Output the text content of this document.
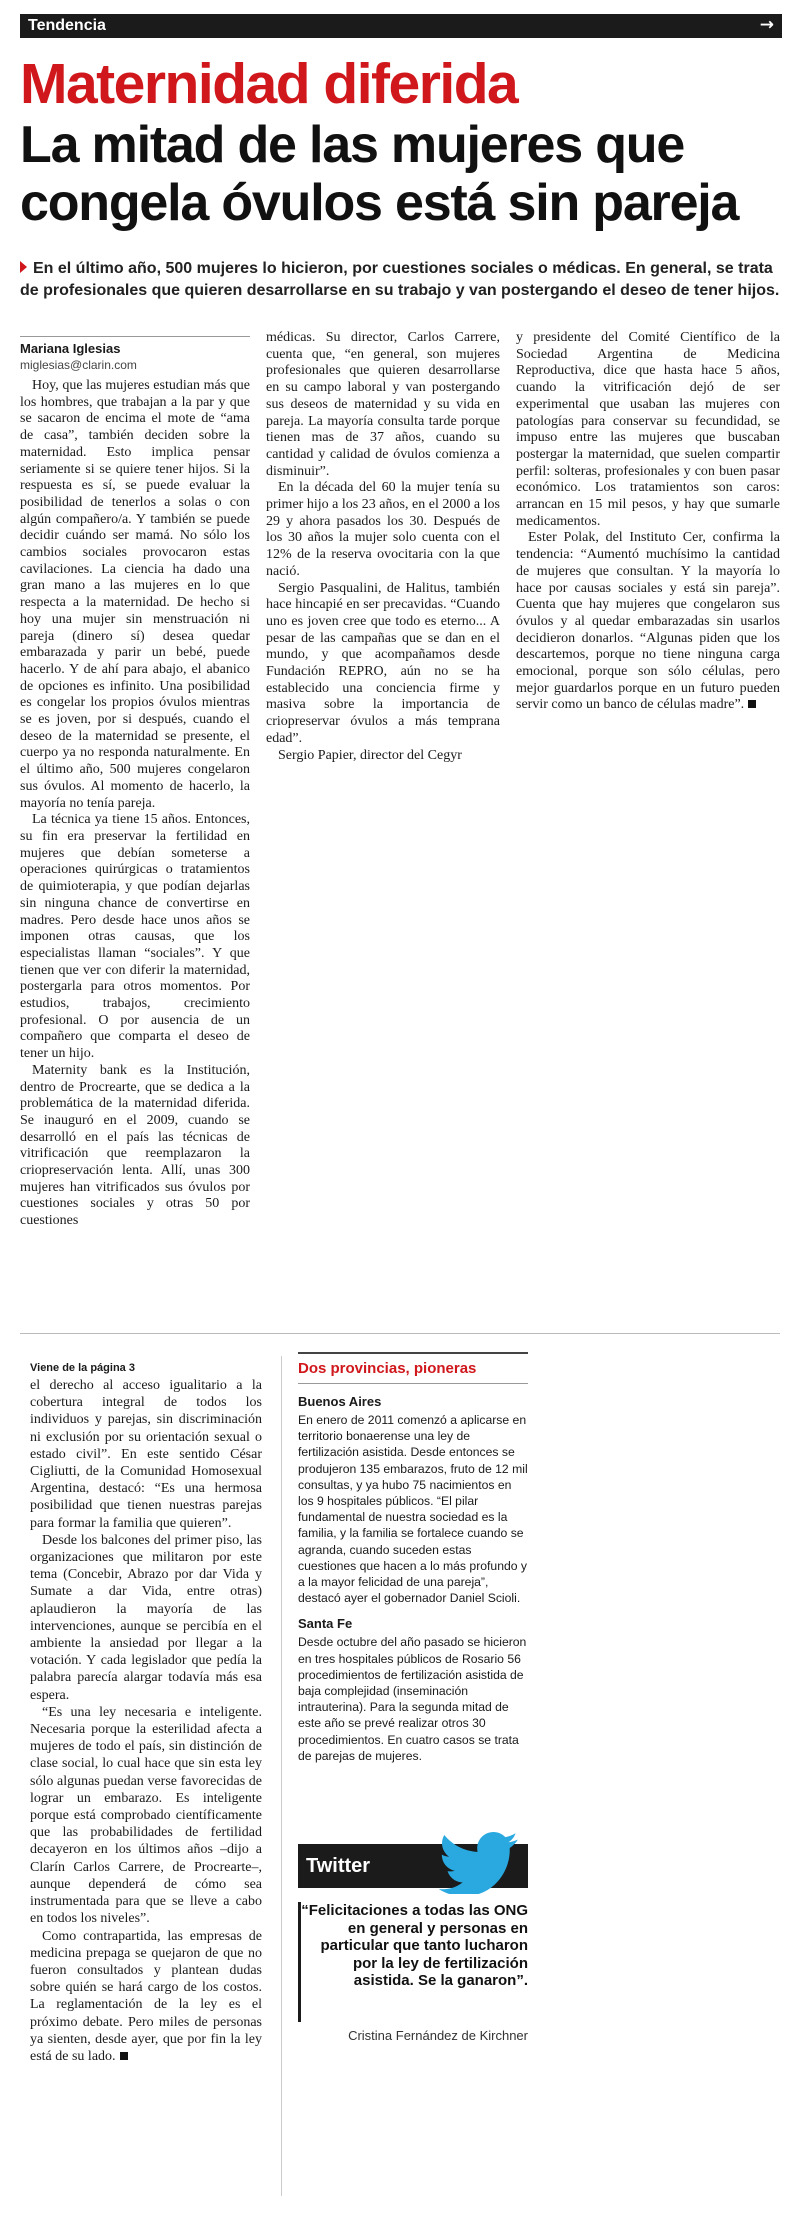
Tendencia	→
Maternidad diferida
La mitad de las mujeres que congela óvulos está sin pareja
En el último año, 500 mujeres lo hicieron, por cuestiones sociales o médicas. En general, se trata de profesionales que quieren desarrollarse en su trabajo y van postergando el deseo de tener hijos.
Mariana Iglesias
miglesias@clarin.com

Hoy, que las mujeres estudian más que los hombres, que trabajan a la par y que se sacaron de encima el mote de “ama de casa”, también deciden sobre la maternidad. Esto implica pensar seriamente si se quiere tener hijos. Si la respuesta es sí, se puede evaluar la posibilidad de tenerlos a solas o con algún compañero/a. Y también se puede decidir cuándo ser mamá. No sólo los cambios sociales provocaron estas cavilaciones. La ciencia ha dado una gran mano a las mujeres en lo que respecta a la maternidad. De hecho si hoy una mujer sin menstruación ni pareja (dinero sí) desea quedar embarazada y parir un bebé, puede hacerlo. Y de ahí para abajo, el abanico de opciones es infinito. Una posibilidad es congelar los propios óvulos mientras se es joven, por si después, cuando el deseo de la maternidad se presente, el cuerpo ya no responda naturalmente. En el último año, 500 mujeres congelaron sus óvulos. Al momento de hacerlo, la mayoría no tenía pareja.

La técnica ya tiene 15 años. Entonces, su fin era preservar la fertilidad en mujeres que debían someterse a operaciones quirúrgicas o tratamientos de quimioterapia, y que podían dejarlas sin ninguna chance de convertirse en madres. Pero desde hace unos años se imponen otras causas, que los especialistas llaman “sociales”. Y que tienen que ver con diferir la maternidad, postergarla para otros momentos. Por estudios, trabajos, crecimiento profesional. O por ausencia de un compañero que comparta el deseo de tener un hijo.

Maternity bank es la Institución, dentro de Procrearte, que se dedica a la problemática de la maternidad diferida. Se inauguró en el 2009, cuando se desarrolló en el país las técnicas de vitrificación que reemplazaron la criopreservación lenta. Allí, unas 300 mujeres han vitrificados sus óvulos por cuestiones sociales y otras 50 por cuestiones

médicas. Su director, Carlos Carrere, cuenta que, “en general, son mujeres profesionales que quieren desarrollarse en su campo laboral y van postergando sus deseos de maternidad y su vida en pareja. La mayoría consulta tarde porque tienen mas de 37 años, cuando su cantidad y calidad de óvulos comienza a disminuir”.

En la década del 60 la mujer tenía su primer hijo a los 23 años, en el 2000 a los 29 y ahora pasados los 30. Después de los 30 años la mujer solo cuenta con el 12% de la reserva ovocitaria con la que nació.

Sergio Pasqualini, de Halitus, también hace hincapié en ser precavidas. “Cuando uno es joven cree que todo es eterno... A pesar de las campañas que se dan en el mundo, y que acompañamos desde Fundación REPRO, aún no se ha establecido una conciencia firme y masiva sobre la importancia de criopreservar óvulos a más temprana edad”.

Sergio Papier, director del Cegyr

y presidente del Comité Científico de la Sociedad Argentina de Medicina Reproductiva, dice que hasta hace 5 años, cuando la vitrificación dejó de ser experimental que usaban las mujeres con patologías para conservar su fecundidad, se impuso entre las mujeres que buscaban postergar la maternidad, que suelen compartir perfil: solteras, profesionales y con buen pasar económico. Los tratamientos son caros: arrancan en 15 mil pesos, y hay que sumarle medicamentos.

Ester Polak, del Instituto Cer, confirma la tendencia: “Aumentó muchísimo la cantidad de mujeres que consultan. Y la mayoría lo hace por causas sociales y está sin pareja”. Cuenta que hay mujeres que congelaron sus óvulos y al quedar embarazadas sin usarlos decidieron donarlos. “Algunas piden que los descartemos, porque no tiene ninguna carga emocional, porque son sólo células, pero mejor guardarlos porque en un futuro pueden servir como un banco de células madre”.

Viene de la página 3

el derecho al acceso igualitario a la cobertura integral de todos los individuos y parejas, sin discriminación ni exclusión por su orientación sexual o estado civil”. En este sentido César Cigliutti, de la Comunidad Homosexual Argentina, destacó: “Es una hermosa posibilidad que tienen nuestras parejas para formar la familia que quieren”.

Desde los balcones del primer piso, las organizaciones que militaron por este tema (Concebir, Abrazo por dar Vida y Sumate a dar Vida, entre otras) aplaudieron la mayoría de las intervenciones, aunque se percibía en el ambiente la ansiedad por llegar a la votación. Y cada legislador que pedía la palabra parecía alargar todavía más esa espera.

“Es una ley necesaria e inteligente. Necesaria porque la esterilidad afecta a mujeres de todo el país, sin distinción de clase social, lo cual hace que sin esta ley sólo algunas puedan verse favorecidas de lograr un embarazo. Es inteligente porque está comprobado científicamente que las probabilidades de fertilidad decayeron en los últimos años –dijo a Clarín Carlos Carrere, de Procrearte–, aunque dependerá de cómo sea instrumentada para que se lleve a cabo en todos los niveles”.

Como contrapartida, las empresas de medicina prepaga se quejaron de que no fueron consultados y plantean dudas sobre quién se hará cargo de los costos. La reglamentación de la ley es el próximo debate. Pero miles de personas ya sienten, desde ayer, que por fin la ley está de su lado.

Dos provincias, pioneras
Buenos Aires
En enero de 2011 comenzó a aplicarse en territorio bonaerense una ley de fertilización asistida. Desde entonces se produjeron 135 embarazos, fruto de 12 mil consultas, y ya hubo 75 nacimientos en los 9 hospitales públicos. “El pilar fundamental de nuestra sociedad es la familia, y la familia se fortalece cuando se agranda, cuando suceden estas cuestiones que hacen a lo más profundo y a la mayor felicidad de una pareja”, destacó ayer el gobernador Daniel Scioli.
Santa Fe
Desde octubre del año pasado se hicieron en tres hospitales públicos de Rosario 56 procedimientos de fertilización asistida de baja complejidad (inseminación intrauterina). Para la segunda mitad de este año se prevé realizar otros 30 procedimientos. En cuatro casos se trata de parejas de mujeres.
Twitter
“Felicitaciones a todas las ONG en general y personas en particular que tanto lucharon por la ley de fertilización asistida. Se la ganaron”.
Cristina Fernández de Kirchner
